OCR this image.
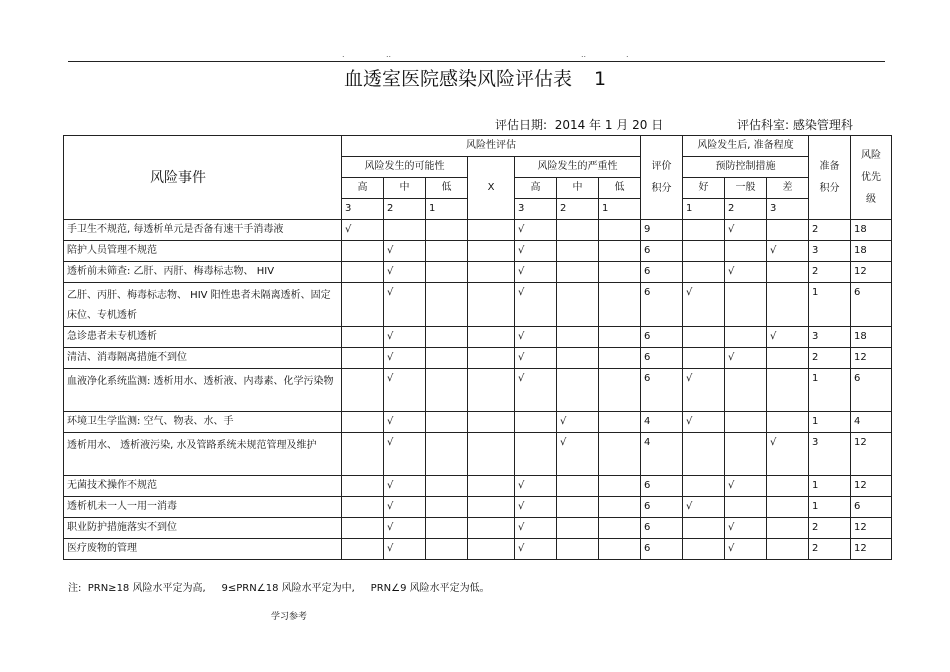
.	..	..	.
血透室医院感染风险评估表 1
评估日期: 2014 年 1 月 20 日	评估科室: 感染管理科
风险事件	风险性评估							评价积分	风险发生后, 准备程度			准备积分	风险优先级

	风险发生的可能性			X	风险发生的严重性				预防控制措施				
	高	中	低		高	中	低		好	一般	差		
	3	2	1		3	2	1		1	2	3		
手卫生不规范, 每透析单元是否备有速干手消毒液	√				√			9		√		2	18
陪护人员管理不规范		√			√			6			√	3	18
透析前未筛查: 乙肝、丙肝、梅毒标志物、 HIV		√			√			6		√		2	12
乙肝、丙肝、梅毒标志物、 HIV 阳性患者未隔离透析、固定床位、专机透析		√			√			6	√			1	6
急诊患者未专机透析		√			√			6			√	3	18
清洁、消毒隔离措施不到位		√			√			6		√		2	12
血液净化系统监测: 透析用水、透析液、内毒素、化学污染物		√			√			6	√			1	6
环境卫生学监测: 空气、物表、水、手		√				√		4	√			1	4
透析用水、 透析液污染, 水及管路系统未规范管理及维护		√				√		4			√	3	12
无菌技术操作不规范		√			√			6		√		1	12
透析机未一人一用一消毒		√			√			6	√			1	6
职业防护措施落实不到位		√			√			6		√		2	12
医疗废物的管理		√			√			6		√		2	12
注:  PRN≥18 风险水平定为高,     9≤PRN∠18 风险水平定为中,     PRN∠9 风险水平定为低。
学习参考
